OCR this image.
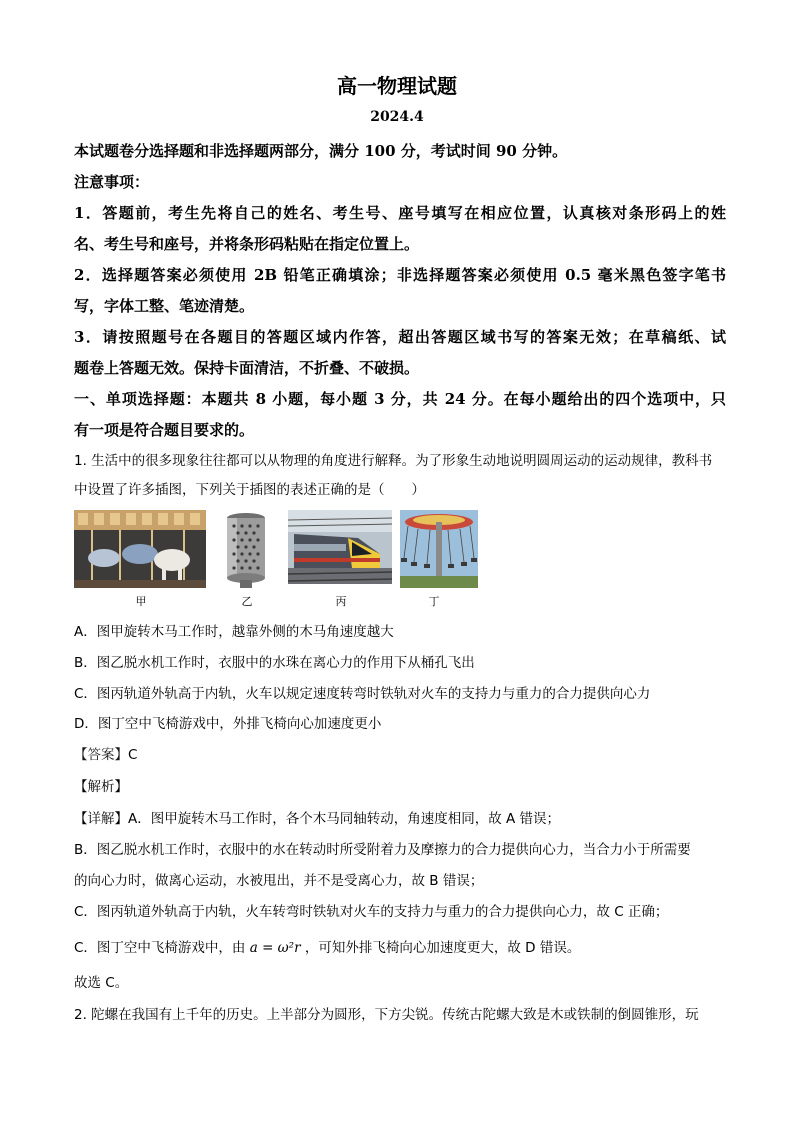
高一物理试题
2024.4
本试题卷分选择题和非选择题两部分，满分 100 分，考试时间 90 分钟。
注意事项：
1．答题前，考生先将自己的姓名、考生号、座号填写在相应位置，认真核对条形码上的姓
名、考生号和座号，并将条形码粘贴在指定位置上。
2．选择题答案必须使用 2B 铅笔正确填涂；非选择题答案必须使用 0.5 毫米黑色签字笔书
写，字体工整、笔迹清楚。
3．请按照题号在各题目的答题区域内作答，超出答题区域书写的答案无效；在草稿纸、试
题卷上答题无效。保持卡面清洁，不折叠、不破损。
一、单项选择题：本题共 8 小题，每小题 3 分，共 24 分。在每小题给出的四个选项中，只
有一项是符合题目要求的。
1. 生活中的很多现象往往都可以从物理的角度进行解释。为了形象生动地说明圆周运动的运动规律，教科书
中设置了许多插图，下列关于插图的表述正确的是（　　）
甲	乙	丙	丁
A．图甲旋转木马工作时，越靠外侧的木马角速度越大
B．图乙脱水机工作时，衣服中的水珠在离心力的作用下从桶孔飞出
C．图丙轨道外轨高于内轨，火车以规定速度转弯时铁轨对火车的支持力与重力的合力提供向心力
D．图丁空中飞椅游戏中，外排飞椅向心加速度更小
【答案】C
【解析】
【详解】A．图甲旋转木马工作时，各个木马同轴转动，角速度相同，故 A 错误；
B．图乙脱水机工作时，衣服中的水在转动时所受附着力及摩擦力的合力提供向心力，当合力小于所需要
的向心力时，做离心运动，水被甩出，并不是受离心力，故 B 错误；
C．图丙轨道外轨高于内轨，火车转弯时铁轨对火车的支持力与重力的合力提供向心力，故 C 正确；
C．图丁空中飞椅游戏中，由 a = ω²r ，可知外排飞椅向心加速度更大，故 D 错误。
故选 C。
2. 陀螺在我国有上千年的历史。上半部分为圆形，下方尖锐。传统古陀螺大致是木或铁制的倒圆锥形，玩
